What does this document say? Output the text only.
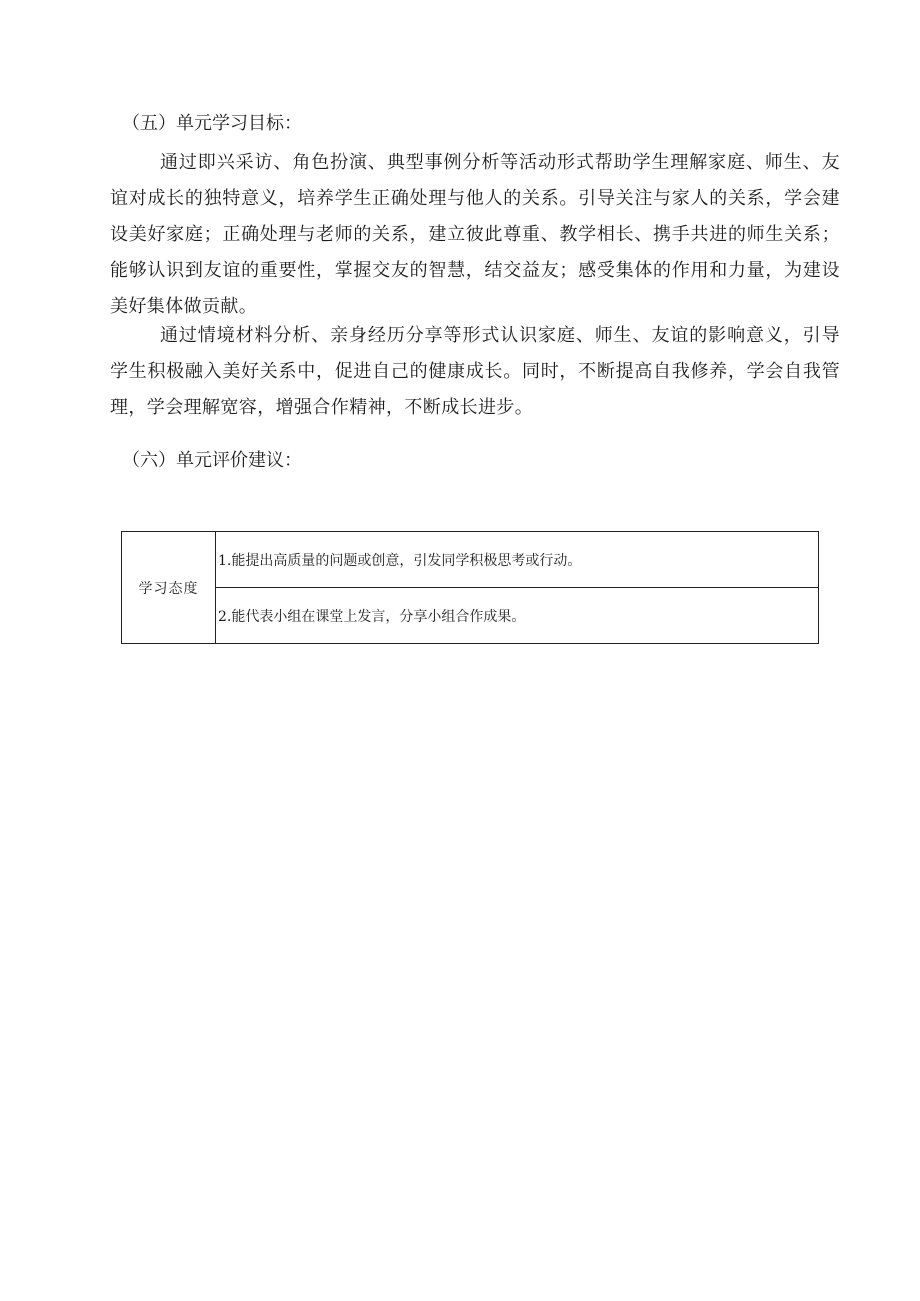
（五）单元学习目标：

通过即兴采访、角色扮演、典型事例分析等活动形式帮助学生理解家庭、师生、友谊对成长的独特意义，培养学生正确处理与他人的关系。引导关注与家人的关系，学会建设美好家庭；正确处理与老师的关系，建立彼此尊重、教学相长、携手共进的师生关系；能够认识到友谊的重要性，掌握交友的智慧，结交益友；感受集体的作用和力量，为建设美好集体做贡献。

通过情境材料分析、亲身经历分享等形式认识家庭、师生、友谊的影响意义，引导学生积极融入美好关系中，促进自己的健康成长。同时，不断提高自我修养，学会自我管理，学会理解宽容，增强合作精神，不断成长进步。

（六）单元评价建议：
学习态度	1.能提出高质量的问题或创意，引发同学积极思考或行动。
2.能代表小组在课堂上发言，分享小组合作成果。
